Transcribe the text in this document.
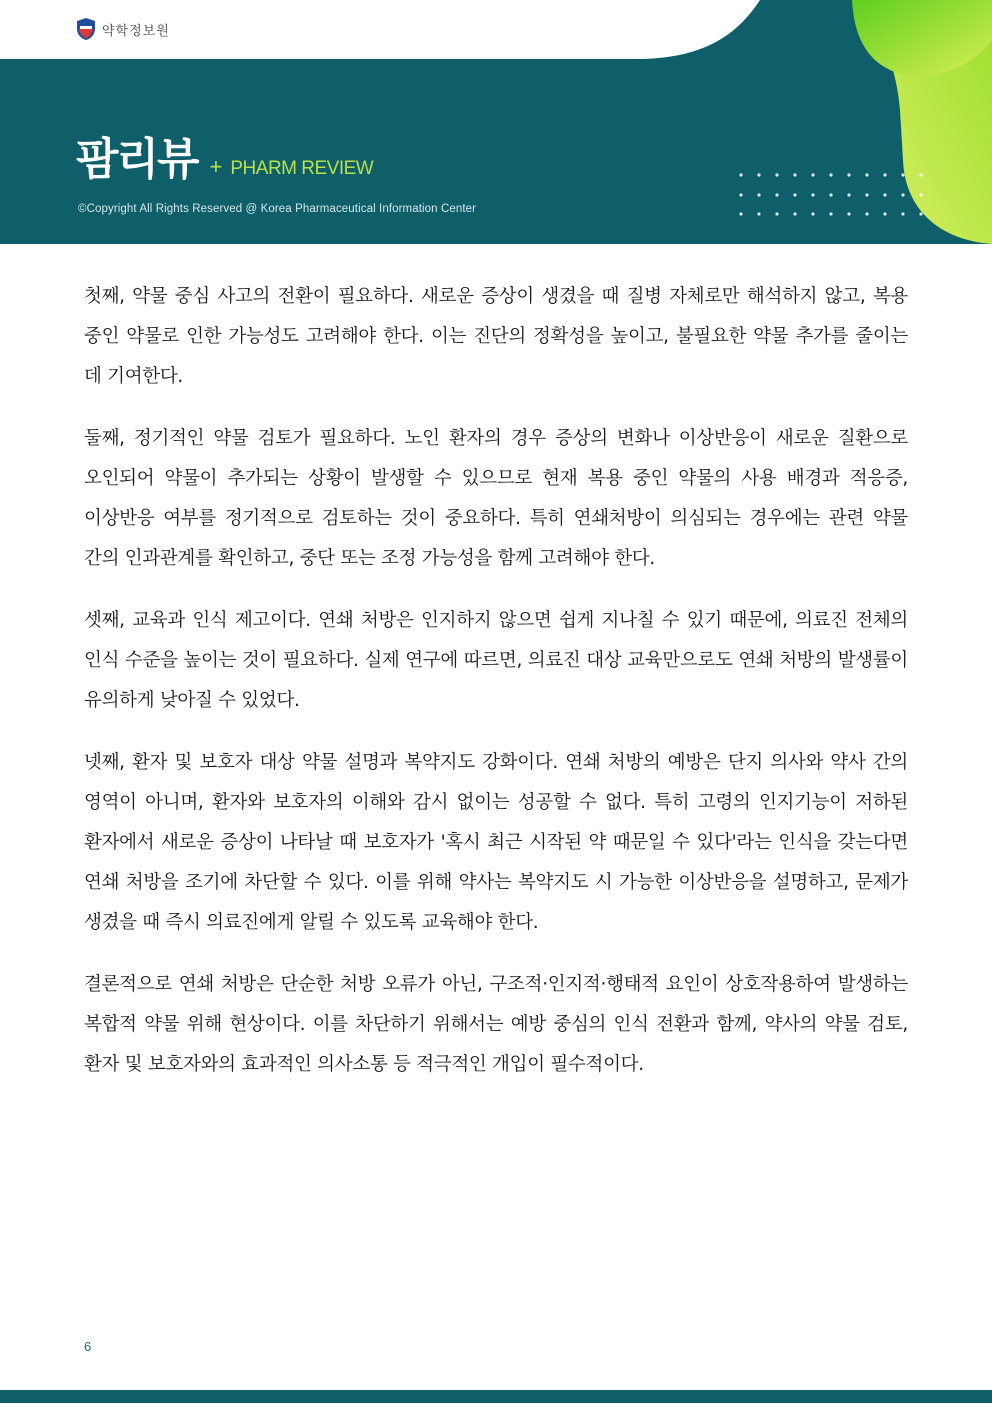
약학정보원
팜리뷰 + PHARM REVIEW
©Copyright All Rights Reserved @ Korea Pharmaceutical Information Center

첫째, 약물 중심 사고의 전환이 필요하다. 새로운 증상이 생겼을 때 질병 자체로만 해석하지 않고, 복용 중인 약물로 인한 가능성도 고려해야 한다. 이는 진단의 정확성을 높이고, 불필요한 약물 추가를 줄이는 데 기여한다.

둘째, 정기적인 약물 검토가 필요하다. 노인 환자의 경우 증상의 변화나 이상반응이 새로운 질환으로 오인되어 약물이 추가되는 상황이 발생할 수 있으므로 현재 복용 중인 약물의 사용 배경과 적응증, 이상반응 여부를 정기적으로 검토하는 것이 중요하다. 특히 연쇄처방이 의심되는 경우에는 관련 약물 간의 인과관계를 확인하고, 중단 또는 조정 가능성을 함께 고려해야 한다.

셋째, 교육과 인식 제고이다. 연쇄 처방은 인지하지 않으면 쉽게 지나칠 수 있기 때문에, 의료진 전체의 인식 수준을 높이는 것이 필요하다. 실제 연구에 따르면, 의료진 대상 교육만으로도 연쇄 처방의 발생률이 유의하게 낮아질 수 있었다.

넷째, 환자 및 보호자 대상 약물 설명과 복약지도 강화이다. 연쇄 처방의 예방은 단지 의사와 약사 간의 영역이 아니며, 환자와 보호자의 이해와 감시 없이는 성공할 수 없다. 특히 고령의 인지기능이 저하된 환자에서 새로운 증상이 나타날 때 보호자가 '혹시 최근 시작된 약 때문일 수 있다'라는 인식을 갖는다면 연쇄 처방을 조기에 차단할 수 있다. 이를 위해 약사는 복약지도 시 가능한 이상반응을 설명하고, 문제가 생겼을 때 즉시 의료진에게 알릴 수 있도록 교육해야 한다.

결론적으로 연쇄 처방은 단순한 처방 오류가 아닌, 구조적·인지적·행태적 요인이 상호작용하여 발생하는 복합적 약물 위해 현상이다. 이를 차단하기 위해서는 예방 중심의 인식 전환과 함께, 약사의 약물 검토, 환자 및 보호자와의 효과적인 의사소통 등 적극적인 개입이 필수적이다.

6
